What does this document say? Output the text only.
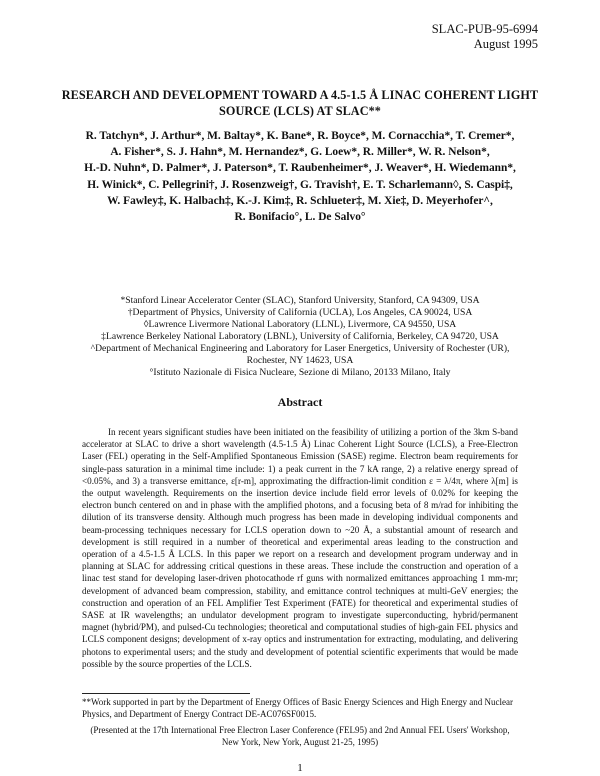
SLAC-PUB-95-6994
August 1995
RESEARCH AND DEVELOPMENT TOWARD A 4.5-1.5 Å LINAC COHERENT LIGHT SOURCE (LCLS) AT SLAC**
R. Tatchyn*, J. Arthur*, M. Baltay*, K. Bane*, R. Boyce*, M. Cornacchia*, T. Cremer*,
A. Fisher*, S. J. Hahn*, M. Hernandez*, G. Loew*, R. Miller*, W. R. Nelson*,
H.-D. Nuhn*, D. Palmer*, J. Paterson*, T. Raubenheimer*, J. Weaver*, H. Wiedemann*,
H. Winick*, C. Pellegrini†, J. Rosenzweig†, G. Travish†, E. T. Scharlemann◊, S. Caspi‡,
W. Fawley‡, K. Halbach‡, K.-J. Kim‡, R. Schlueter‡, M. Xie‡, D. Meyerhofer^,
R. Bonifacio°, L. De Salvo°
*Stanford Linear Accelerator Center (SLAC), Stanford University, Stanford, CA 94309, USA
†Department of Physics, University of California (UCLA), Los Angeles, CA 90024, USA
◊Lawrence Livermore National Laboratory (LLNL), Livermore, CA 94550, USA
‡Lawrence Berkeley National Laboratory (LBNL), University of California, Berkeley, CA 94720, USA
^Department of Mechanical Engineering and Laboratory for Laser Energetics, University of Rochester (UR),
Rochester, NY 14623, USA
°Istituto Nazionale di Fisica Nucleare, Sezione di Milano, 20133 Milano, Italy
Abstract

In recent years significant studies have been initiated on the feasibility of utilizing a portion of the 3km S-band accelerator at SLAC to drive a short wavelength (4.5-1.5 Å) Linac Coherent Light Source (LCLS), a Free-Electron Laser (FEL) operating in the Self-Amplified Spontaneous Emission (SASE) regime. Electron beam requirements for single-pass saturation in a minimal time include: 1) a peak current in the 7 kA range, 2) a relative energy spread of <0.05%, and 3) a transverse emittance, ε[r-m], approximating the diffraction-limit condition ε = λ/4π, where λ[m] is the output wavelength. Requirements on the insertion device include field error levels of 0.02% for keeping the electron bunch centered on and in phase with the amplified photons, and a focusing beta of 8 m/rad for inhibiting the dilution of its transverse density. Although much progress has been made in developing individual components and beam-processing techniques necessary for LCLS operation down to ~20 Å, a substantial amount of research and development is still required in a number of theoretical and experimental areas leading to the construction and operation of a 4.5-1.5 Å LCLS. In this paper we report on a research and development program underway and in planning at SLAC for addressing critical questions in these areas. These include the construction and operation of a linac test stand for developing laser-driven photocathode rf guns with normalized emittances approaching 1 mm-mr; development of advanced beam compression, stability, and emittance control techniques at multi-GeV energies; the construction and operation of an FEL Amplifier Test Experiment (FATE) for theoretical and experimental studies of SASE at IR wavelengths; an undulator development program to investigate superconducting, hybrid/permanent magnet (hybrid/PM), and pulsed-Cu technologies; theoretical and computational studies of high-gain FEL physics and LCLS component designs; development of x-ray optics and instrumentation for extracting, modulating, and delivering photons to experimental users; and the study and development of potential scientific experiments that would be made possible by the source properties of the LCLS.

**Work supported in part by the Department of Energy Offices of Basic Energy Sciences and High Energy and Nuclear Physics, and Department of Energy Contract DE-AC076SF0015.

(Presented at the 17th International Free Electron Laser Conference (FEL95) and 2nd Annual FEL Users' Workshop, New York, New York, August 21-25, 1995)
1
